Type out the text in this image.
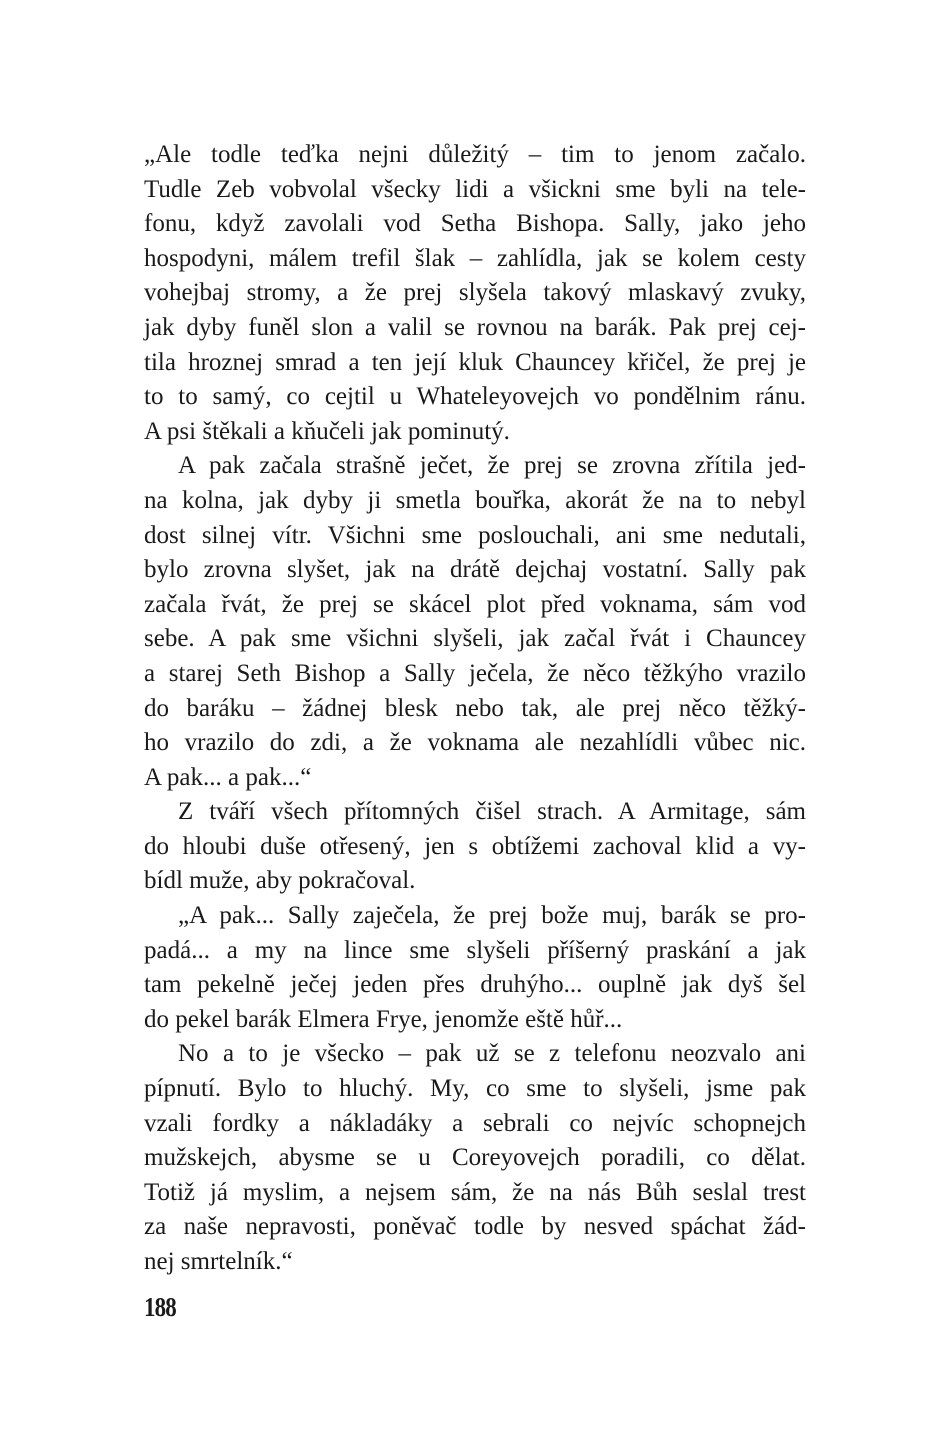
„Ale todle teďka nejni důležitý – tim to jenom začalo.
Tudle Zeb vobvolal všecky lidi a všickni sme byli na tele-
fonu, když zavolali vod Setha Bishopa. Sally, jako jeho
hospodyni, málem trefil šlak – zahlídla, jak se kolem cesty
vohejbaj stromy, a že prej slyšela takový mlaskavý zvuky,
jak dyby funěl slon a valil se rovnou na barák. Pak prej cej-
tila hroznej smrad a ten její kluk Chauncey křičel, že prej je
to to samý, co cejtil u Whateleyovejch vo pondělnim ránu.
A psi štěkali a kňučeli jak pominutý.
A pak začala strašně ječet, že prej se zrovna zřítila jed-
na kolna, jak dyby ji smetla bouřka, akorát že na to nebyl
dost silnej vítr. Všichni sme poslouchali, ani sme nedutali,
bylo zrovna slyšet, jak na drátě dejchaj vostatní. Sally pak
začala řvát, že prej se skácel plot před voknama, sám vod
sebe. A pak sme všichni slyšeli, jak začal řvát i Chauncey
a starej Seth Bishop a Sally ječela, že něco těžkýho vrazilo
do baráku – žádnej blesk nebo tak, ale prej něco těžký-
ho vrazilo do zdi, a že voknama ale nezahlídli vůbec nic.
A pak... a pak...“
Z tváří všech přítomných čišel strach. A Armitage, sám
do hloubi duše otřesený, jen s obtížemi zachoval klid a vy-
bídl muže, aby pokračoval.
„A pak... Sally zaječela, že prej bože muj, barák se pro-
padá... a my na lince sme slyšeli příšerný praskání a jak
tam pekelně ječej jeden přes druhýho... ouplně jak dyš šel
do pekel barák Elmera Frye, jenomže eště hůř...
No a to je všecko – pak už se z telefonu neozvalo ani
pípnutí. Bylo to hluchý. My, co sme to slyšeli, jsme pak
vzali fordky a nákladáky a sebrali co nejvíc schopnejch
mužskejch, abysme se u Coreyovejch poradili, co dělat.
Totiž já myslim, a nejsem sám, že na nás Bůh seslal trest
za naše nepravosti, poněvač todle by nesved spáchat žád-
nej smrtelník.“
188
